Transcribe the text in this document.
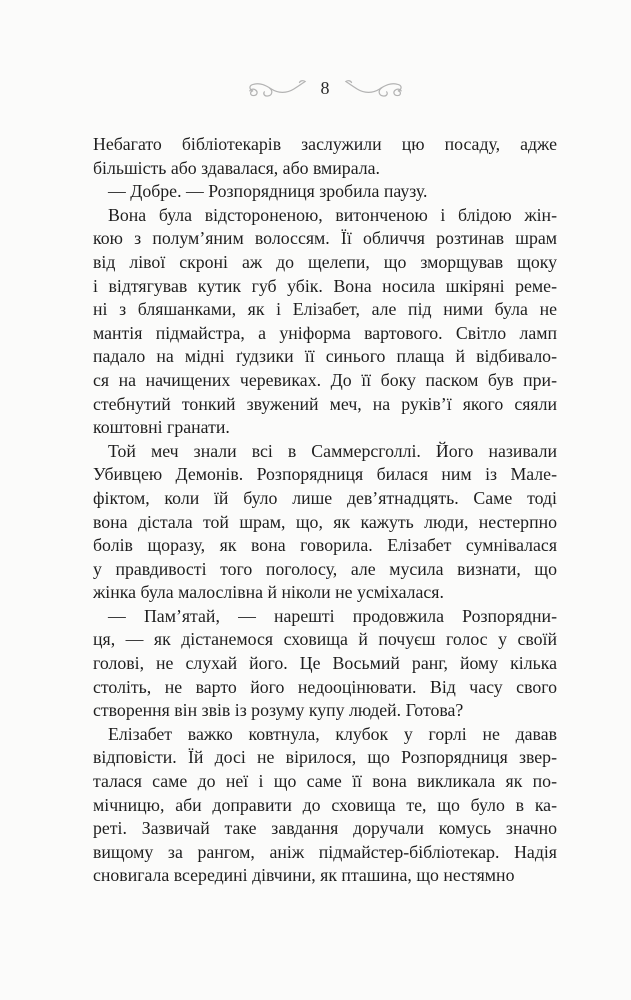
8
Небагато бібліотекарів заслужили цю посаду, адже
більшість або здавалася, або вмирала.
— Добре. — Розпорядниця зробила паузу.
Вона була відстороненою, витонченою і блідою жін-
кою з полум’яним волоссям. Її обличчя розтинав шрам
від лівої скроні аж до щелепи, що зморщував щоку
і відтягував кутик губ убік. Вона носила шкіряні реме-
ні з бляшанками, як і Елізабет, але під ними була не
мантія підмайстра, а уніформа вартового. Світло ламп
падало на мідні ґудзики її синього плаща й відбивало-
ся на начищених черевиках. До її боку паском був при-
стебнутий тонкий звужений меч, на руків’ї якого сяяли
коштовні гранати.
Той меч знали всі в Саммерсголлі. Його називали
Убивцею Демонів. Розпорядниця билася ним із Мале-
фіктом, коли їй було лише дев’ятнадцять. Саме тоді
вона дістала той шрам, що, як кажуть люди, нестерпно
болів щоразу, як вона говорила. Елізабет сумнівалася
у правдивості того поголосу, але мусила визнати, що
жінка була малослівна й ніколи не усміхалася.
— Пам’ятай, — нарешті продовжила Розпорядни-
ця, — як дістанемося сховища й почуєш голос у своїй
голові, не слухай його. Це Восьмий ранг, йому кілька
століть, не варто його недооцінювати. Від часу свого
створення він звів із розуму купу людей. Готова?
Елізабет важко ковтнула, клубок у горлі не давав
відповісти. Їй досі не вірилося, що Розпорядниця звер-
талася саме до неї і що саме її вона викликала як по-
мічницю, аби доправити до сховища те, що було в ка-
реті. Зазвичай таке завдання доручали комусь значно
вищому за рангом, аніж підмайстер-бібліотекар. Надія
сновигала всередині дівчини, як пташина, що нестямно
